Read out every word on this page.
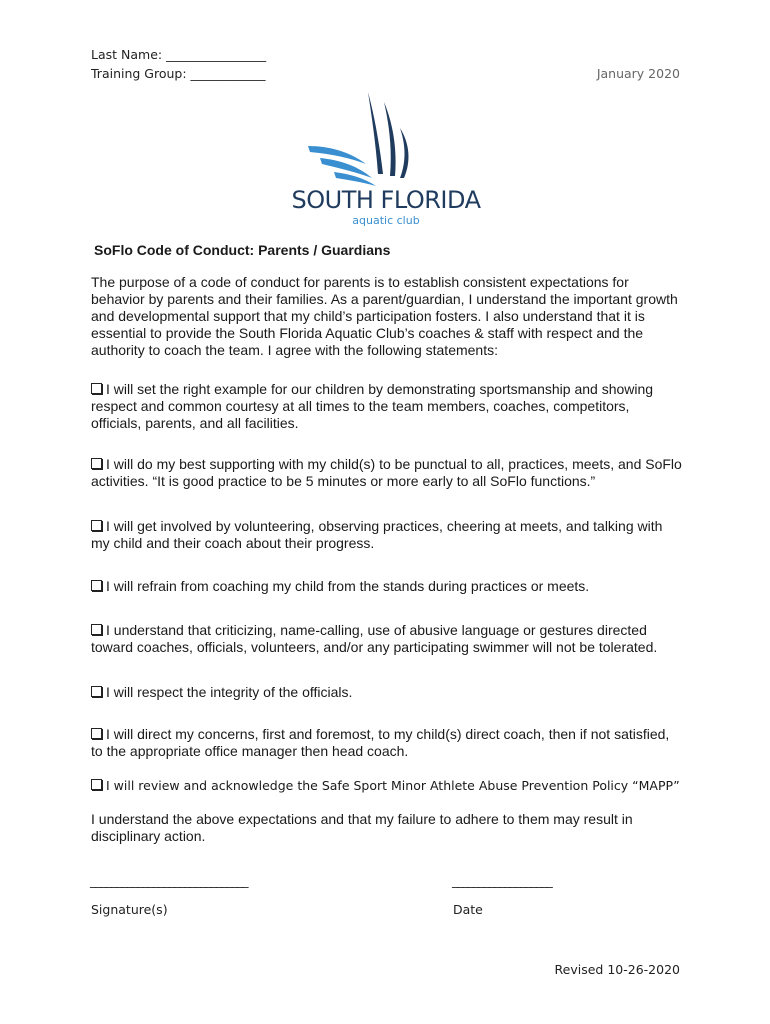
Last Name: ________________
Training Group: ____________	January 2020
SOUTH FLORIDA
aquatic club
SoFlo Code of Conduct: Parents / Guardians
The purpose of a code of conduct for parents is to establish consistent expectations for behavior by parents and their families. As a parent/guardian, I understand the important growth and developmental support that my child’s participation fosters. I also understand that it is essential to provide the South Florida Aquatic Club’s coaches & staff with respect and the authority to coach the team. I agree with the following statements:
I will set the right example for our children by demonstrating sportsmanship and showing respect and common courtesy at all times to the team members, coaches, competitors, officials, parents, and all facilities.
I will do my best supporting with my child(s) to be punctual to all, practices, meets, and SoFlo activities. “It is good practice to be 5 minutes or more early to all SoFlo functions.”
I will get involved by volunteering, observing practices, cheering at meets, and talking with my child and their coach about their progress.
I will refrain from coaching my child from the stands during practices or meets.
I understand that criticizing, name-calling, use of abusive language or gestures directed toward coaches, officials, volunteers, and/or any participating swimmer will not be tolerated.
I will respect the integrity of the officials.
I will direct my concerns, first and foremost, to my child(s) direct coach, then if not satisfied, to the appropriate office manager then head coach.
I will review and acknowledge the Safe Sport Minor Athlete Abuse Prevention Policy “MAPP”
I understand the above expectations and that my failure to adhere to them may result in disciplinary action.
______________________________	___________________
Signature(s)	Date
Revised 10-26-2020
